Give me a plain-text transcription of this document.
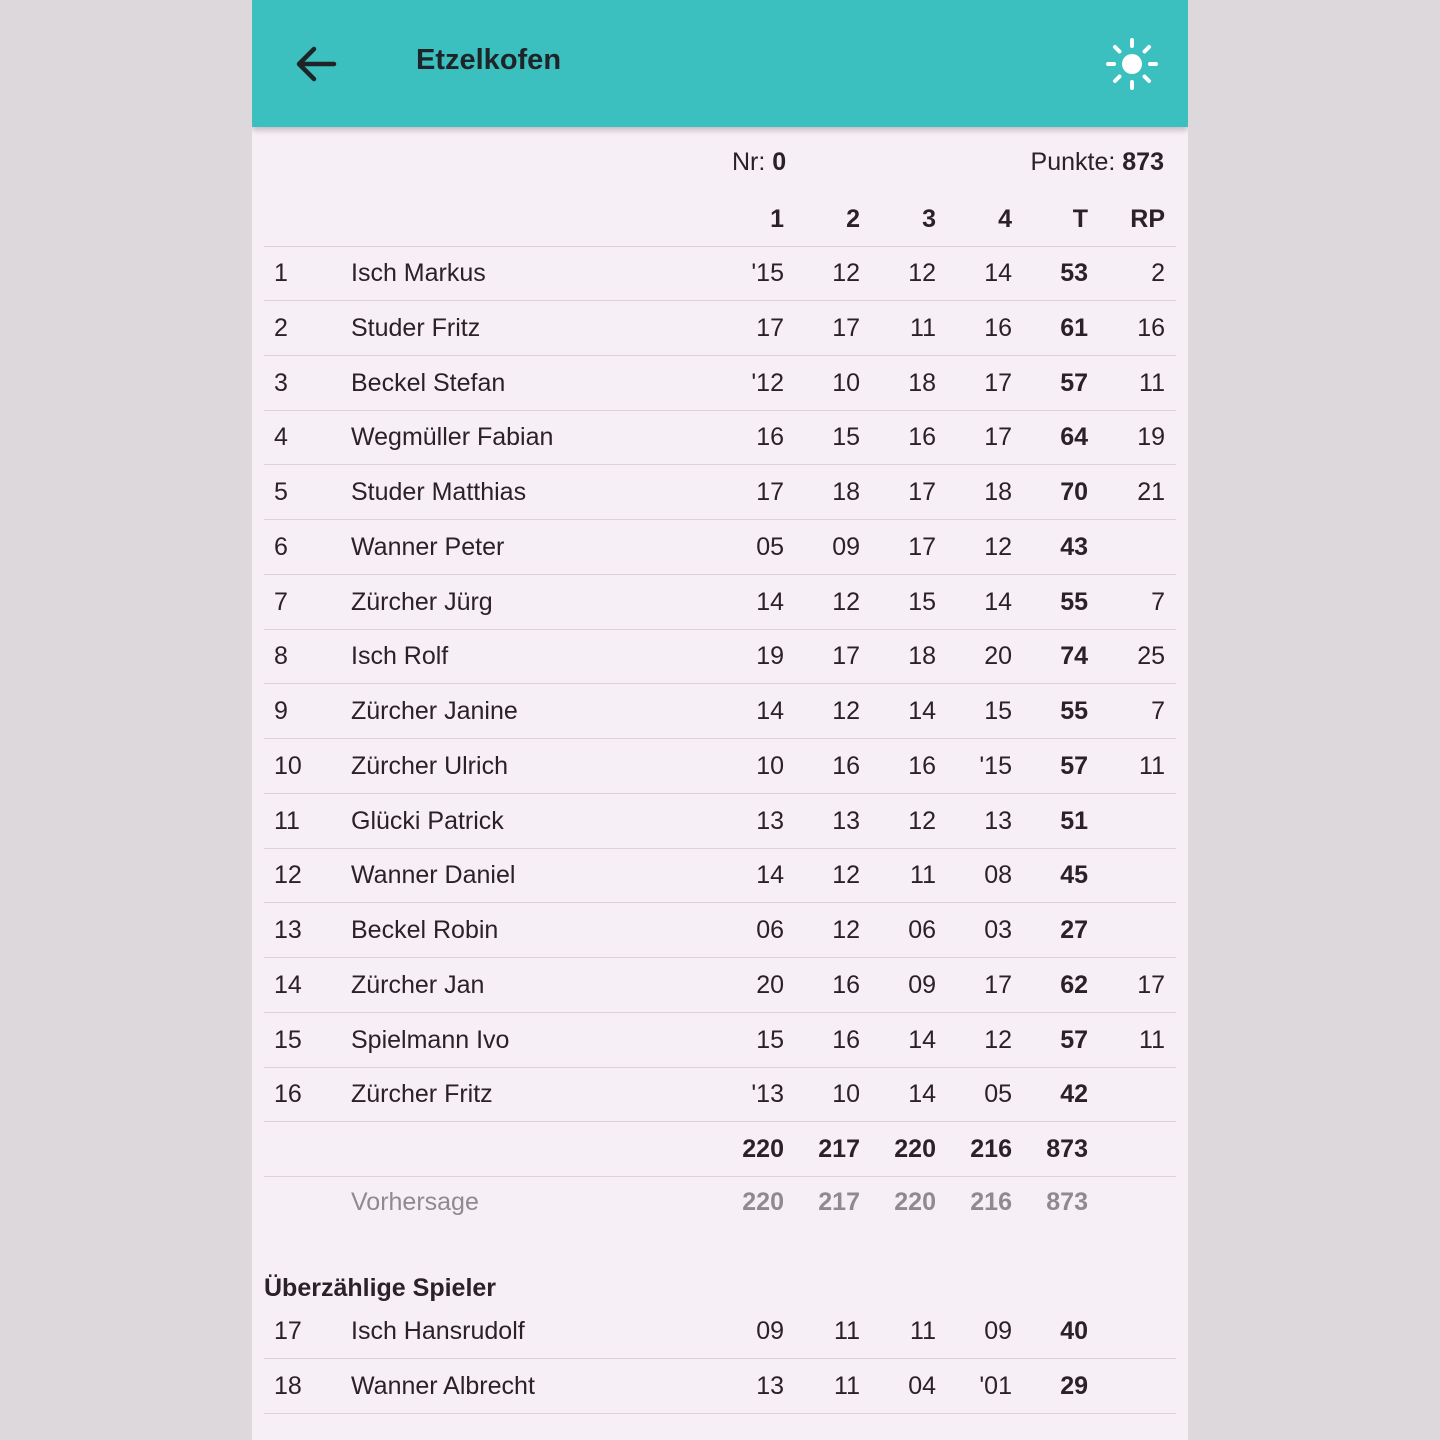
Etzelkofen
Nr: 0	Punkte: 873
1	2	3	4	T	RP
1	Isch Markus	'15	12	12	14	53	2
2	Studer Fritz	17	17	11	16	61	16
3	Beckel Stefan	'12	10	18	17	57	11
4	Wegmüller Fabian	16	15	16	17	64	19
5	Studer Matthias	17	18	17	18	70	21
6	Wanner Peter	05	09	17	12	43
7	Zürcher Jürg	14	12	15	14	55	7
8	Isch Rolf	19	17	18	20	74	25
9	Zürcher Janine	14	12	14	15	55	7
10 Zürcher Ulrich	10	16	16	'15	57	11
11 Glücki Patrick	13	13	12	13	51
12 Wanner Daniel	14	12	11	08	45
13 Beckel Robin	06	12	06	03	27
14 Zürcher Jan	20	16	09	17	62	17
15 Spielmann Ivo	15	16	14	12	57	11
16 Zürcher Fritz	'13	10	14	05	42
220	217	220	216	873
Vorhersage	220	217	220	216	873
Überzählige Spieler
17 Isch Hansrudolf	09	11	11	09	40
18 Wanner Albrecht	13	11	04	'01	29
